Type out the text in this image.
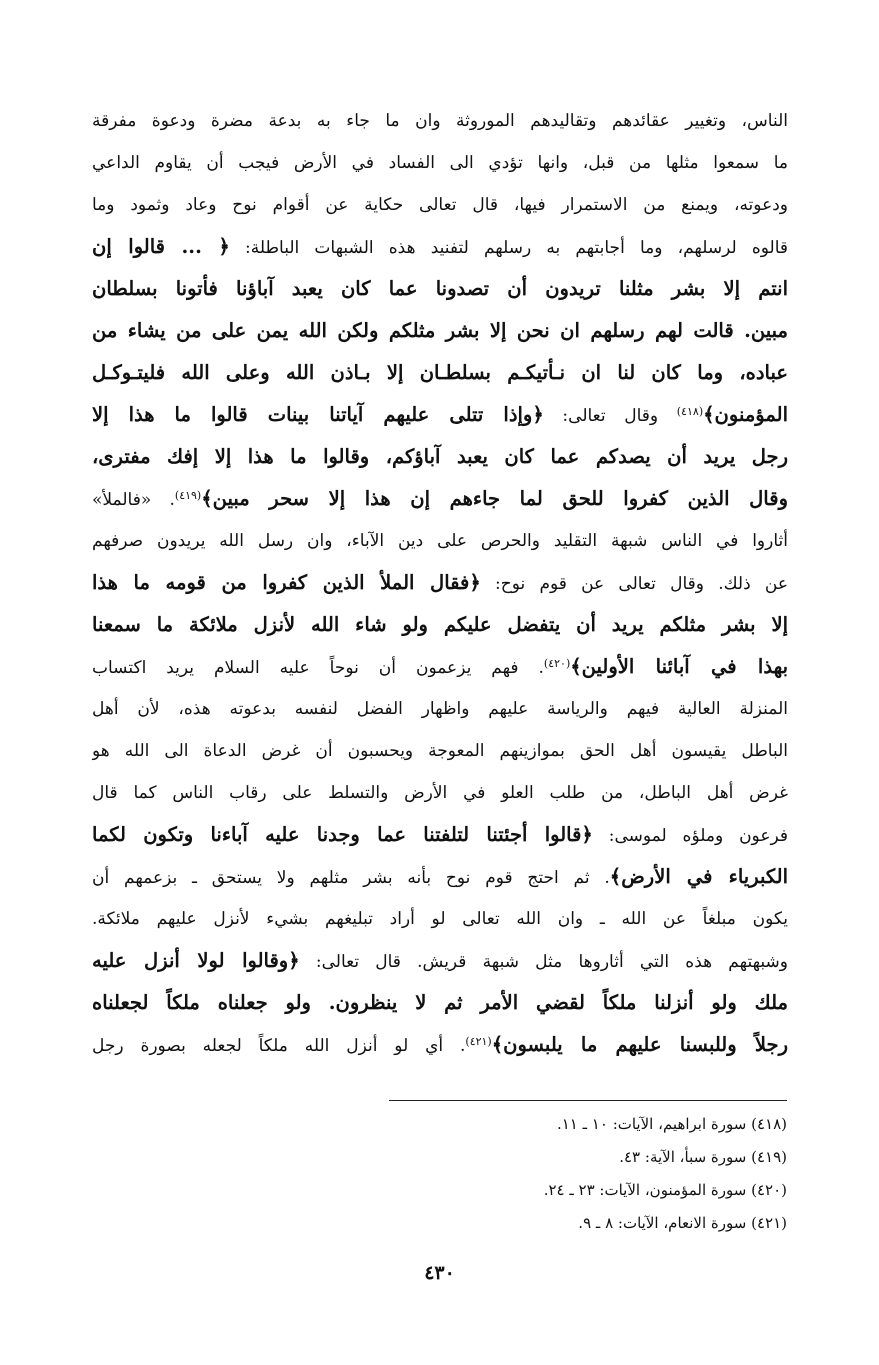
الناس، وتغيير عقائدهم وتقاليدهم الموروثة وان ما جاء به بدعة مضرة ودعوة مفرقة
ما سمعوا مثلها من قبل، وانها تؤدي الى الفساد في الأرض فيجب أن يقاوم الداعي
ودعوته، ويمنع من الاستمرار فيها، قال تعالى حكاية عن أقوام نوح وعاد وثمود وما
قالوه لرسلهم، وما أجابتهم به رسلهم لتفنيد هذه الشبهات الباطلة: ﴿ ... قالوا إن
انتم إلا بشر مثلنا تريدون أن تصدونا عما كان يعبد آباؤنا فأتونا بسلطان
مبين. قالت لهم رسلهم ان نحن إلا بشر مثلكم ولكن الله يمن على من يشاء من
عباده، وما كان لنا ان نـأتيكـم بسلطـان إلا بـاذن الله وعلى الله فليتـوكـل
المؤمنون﴾$^{(٤١٨)}$ وقال تعالى: ﴿وإذا تتلى عليهم آياتنا بينات قالوا ما هذا إلا
رجل يريد أن يصدكم عما كان يعبد آباؤكم، وقالوا ما هذا إلا إفك مفترى،
وقال الذين كفروا للحق لما جاءهم إن هذا إلا سحر مبين﴾$^{(٤١٩)}$. «فالملأ»
أثاروا في الناس شبهة التقليد والحرص على دين الآباء، وان رسل الله يريدون صرفهم
عن ذلك. وقال تعالى عن قوم نوح: ﴿فقال الملأ الذين كفروا من قومه ما هذا
إلا بشر مثلكم يريد أن يتفضل عليكم ولو شاء الله لأنزل ملائكة ما سمعنا
بهذا في آبائنا الأولين﴾$^{(٤٢٠)}$. فهم يزعمون أن نوحاً عليه السلام يريد اكتساب
المنزلة العالية فيهم والرياسة عليهم واظهار الفضل لنفسه بدعوته هذه، لأن أهل
الباطل يقيسون أهل الحق بموازينهم المعوجة ويحسبون أن غرض الدعاة الى الله هو
غرض أهل الباطل، من طلب العلو في الأرض والتسلط على رقاب الناس كما قال
فرعون وملؤه لموسى: ﴿قالوا أجئتنا لتلفتنا عما وجدنا عليه آباءنا وتكون لكما
الكبرياء في الأرض﴾. ثم احتج قوم نوح بأنه بشر مثلهم ولا يستحق ـ بزعمهم أن
يكون مبلغاً عن الله ـ وان الله تعالى لو أراد تبليغهم بشيء لأنزل عليهم ملائكة.
وشبهتهم هذه التي أثاروها مثل شبهة قريش. قال تعالى: ﴿وقالوا لولا أنزل عليه
ملك ولو أنزلنا ملكاً لقضي الأمر ثم لا ينظرون. ولو جعلناه ملكاً لجعلناه
رجلاً وللبسنا عليهم ما يلبسون﴾$^{(٤٢١)}$. أي لو أنزل الله ملكاً لجعله بصورة رجل
(٤١٨) سورة ابراهيم، الآيات: ١٠ ـ ١١.
(٤١٩) سورة سبأ، الآية: ٤٣.
(٤٢٠) سورة المؤمنون، الآيات: ٢٣ ـ ٢٤.
(٤٢١) سورة الانعام، الآيات: ٨ ـ ٩.
٤٣٠
